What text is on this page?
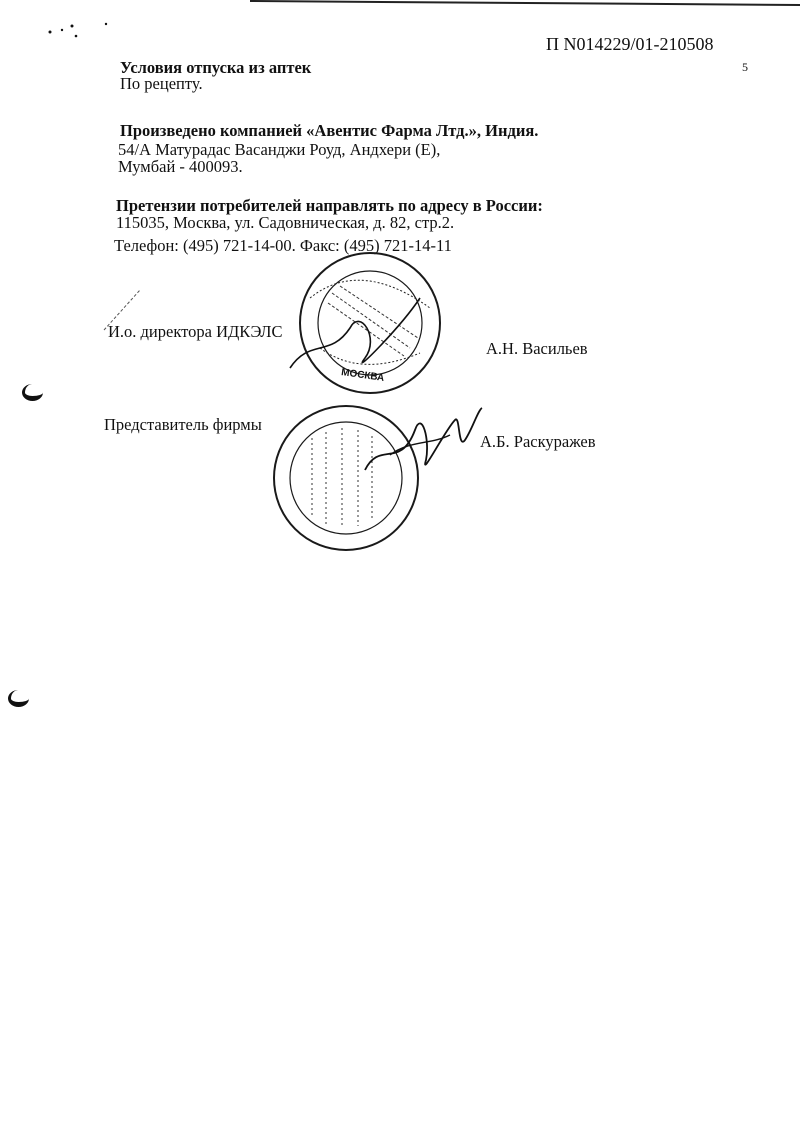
П N014229/01-210508
5
Условия отпуска из аптек
По рецепту.
Произведено компанией «Авентис Фарма Лтд.», Индия.
54/А Матурадас Васанджи Роуд, Андхери (Е),
Мумбай - 400093.
Претензии потребителей направлять по адресу в России:
115035, Москва, ул. Садовническая, д. 82, стр.2.
Телефон: (495) 721-14-00. Факс: (495) 721-14-11
И.о. директора ИДКЭЛС
А.Н. Васильев
Представитель фирмы
А.Б. Раскуражев
МОСКВА
